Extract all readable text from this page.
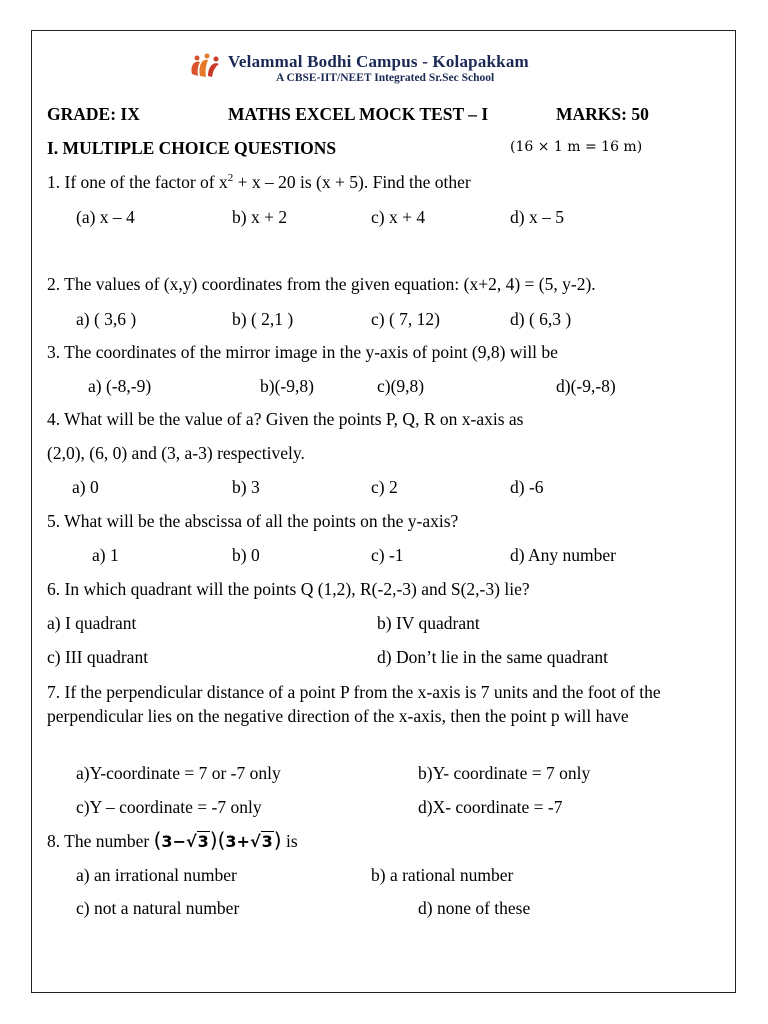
Velammal Bodhi Campus - Kolapakkam
A CBSE-IIT/NEET Integrated Sr.Sec School
GRADE: IX	MATHS EXCEL MOCK TEST – I	MARKS: 50
I. MULTIPLE CHOICE QUESTIONS	(16 × 1 m = 16 m)
1. If one of the factor of $x^2 + x - 20$ is (x + 5). Find the other
(a) x – 4	b) x + 2	c) x + 4	d) x – 5
2. The values of (x,y) coordinates from the given equation: (x+2, 4) = (5, y-2).
a) ( 3,6 )	b) ( 2,1 )	c) ( 7, 12)	d) ( 6,3 )
3. The coordinates of the mirror image in the y-axis of point (9,8) will be
a) (-8,-9)	b)(-9,8)	c)(9,8)	d)(-9,-8)
4. What will be the value of a? Given the points P, Q, R on x-axis as
(2,0), (6, 0) and (3, a-3) respectively.
a) 0	b) 3	c) 2	d) -6
5. What will be the abscissa of all the points on the y-axis?
a) 1	b) 0	c) -1	d) Any number
6. In which quadrant will the points Q (1,2), R(-2,-3) and S(2,-3) lie?
a) I quadrant	b) IV quadrant
c) III quadrant	d) Don’t lie in the same quadrant
7. If the perpendicular distance of a point P from the x-axis is 7 units and the foot of the perpendicular lies on the negative direction of the x-axis, then the point p will have
a)Y-coordinate = 7 or -7 only	b)Y- coordinate = 7 only
c)Y – coordinate = -7 only	d)X- coordinate = -7
8. The number (3−√3)(3+√3) is
a) an irrational number	b) a rational number
c) not a natural number	d) none of these
